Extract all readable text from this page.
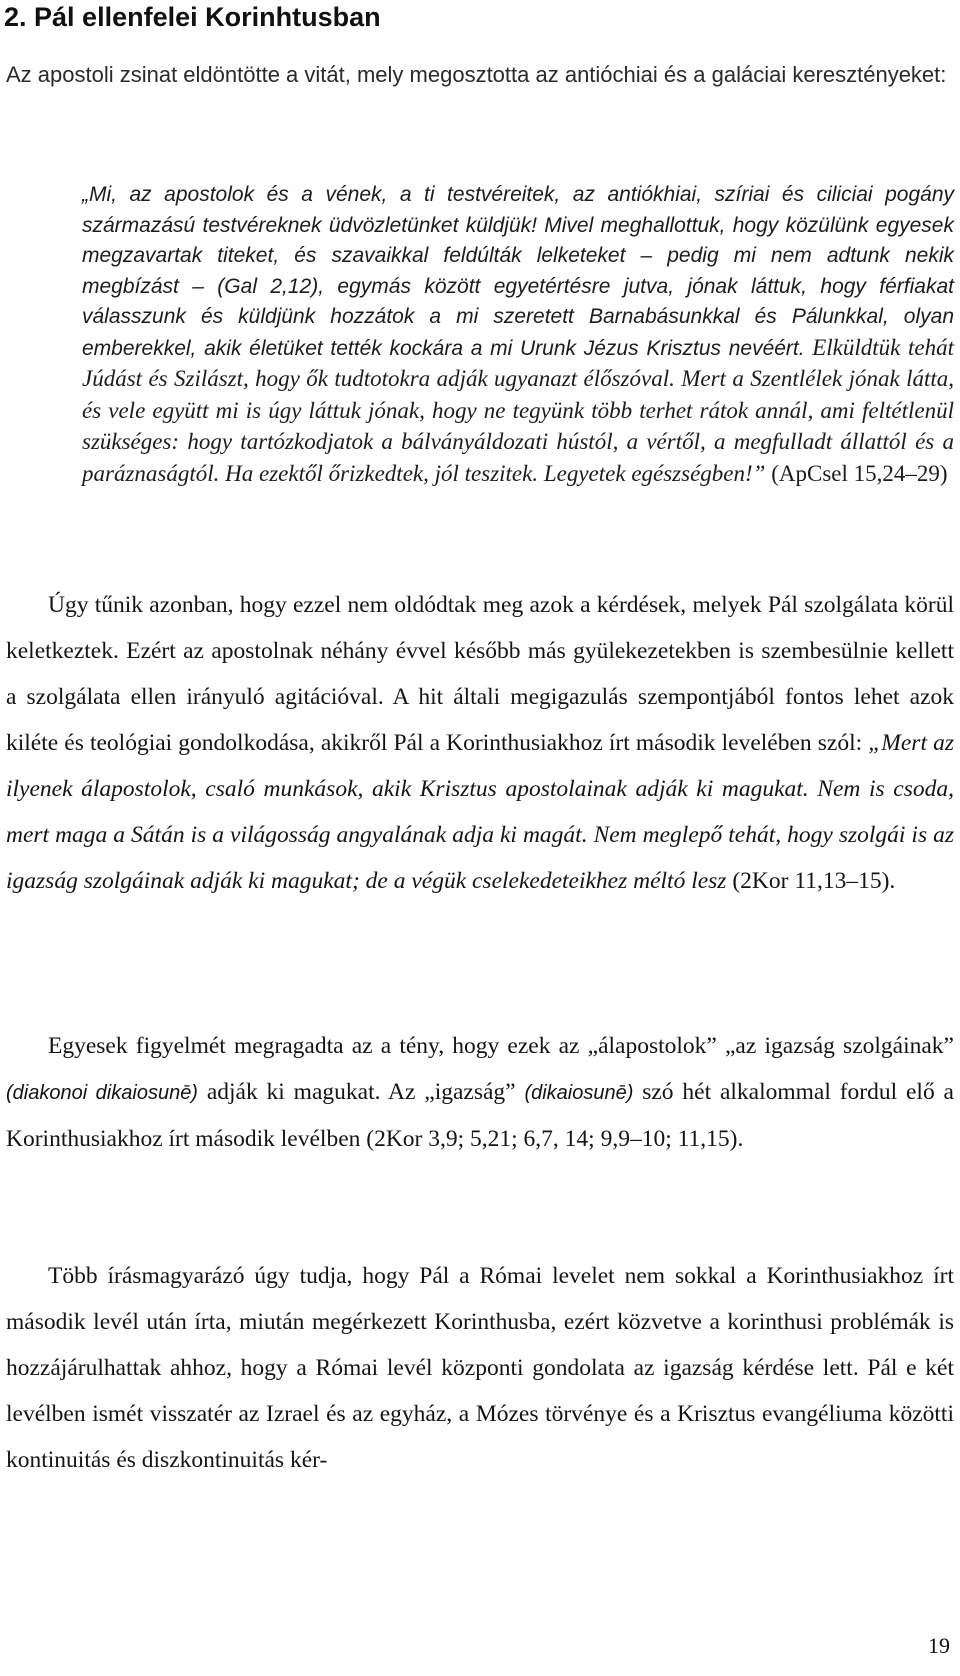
2. Pál ellenfelei Korinhtusban
Az apostoli zsinat eldöntötte a vitát, mely megosztotta az antióchiai és a galáciai keresztényeket:
„Mi, az apostolok és a vének, a ti testvéreitek, az antiókhiai, szíriai és ciliciai pogány származású testvéreknek üdvözletünket küldjük! Mivel meghallottuk, hogy közülünk egyesek megzavartak titeket, és szavaikkal feldúlták lelketeket – pedig mi nem adtunk nekik megbízást – (Gal 2,12), egymás között egyetértésre jutva, jónak láttuk, hogy férfiakat válasszunk és küldjünk hozzátok a mi szeretett Barnabásunkkal és Pálunkkal, olyan emberekkel, akik életüket tették kockára a mi Urunk Jézus Krisztus nevéért. Elküldtük tehát Júdást és Szilászt, hogy ők tudtotokra adják ugyanazt élőszóval. Mert a Szentlélek jónak látta, és vele együtt mi is úgy láttuk jónak, hogy ne tegyünk több terhet rátok annál, ami feltétlenül szükséges: hogy tartózkodjatok a bálványáldozati hústól, a vértől, a megfulladt állattól és a paráznaságtól. Ha ezektől őrizkedtek, jól teszitek. Legyetek egészségben!” (ApCsel 15,24–29)
Úgy tűnik azonban, hogy ezzel nem oldódtak meg azok a kérdések, melyek Pál szolgálata körül keletkeztek. Ezért az apostolnak néhány évvel később más gyülekezetekben is szembesülnie kellett a szolgálata ellen irányuló agitációval. A hit általi megigazulás szempontjából fontos lehet azok kiléte és teológiai gondolkodása, akikről Pál a Korinthusiakhoz írt második levelében szól: „Mert az ilyenek álapostolok, csaló munkások, akik Krisztus apostolainak adják ki magukat. Nem is csoda, mert maga a Sátán is a világosság angyalának adja ki magát. Nem meglepő tehát, hogy szolgái is az igazság szolgáinak adják ki magukat; de a végük cselekedeteikhez méltó lesz (2Kor 11,13–15).
Egyesek figyelmét megragadta az a tény, hogy ezek az „álapostolok” „az igazság szolgáinak” (diakonoi dikaiosunē) adják ki magukat. Az „igazság” (dikaiosunē) szó hét alkalommal fordul elő a Korinthusiakhoz írt második levélben (2Kor 3,9; 5,21; 6,7, 14; 9,9–10; 11,15).
Több írásmagyarázó úgy tudja, hogy Pál a Római levelet nem sokkal a Korinthusiakhoz írt második levél után írta, miután megérkezett Korinthusba, ezért közvetve a korinthusi problémák is hozzájárulhattak ahhoz, hogy a Római levél központi gondolata az igazság kérdése lett. Pál e két levélben ismét visszatér az Izrael és az egyház, a Mózes törvénye és a Krisztus evangéliuma közötti kontinuitás és diszkontinuitás kér-
19
